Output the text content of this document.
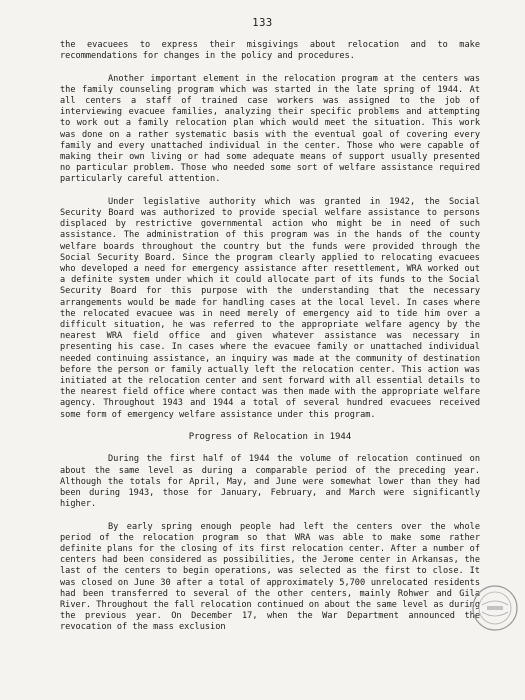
133

the evacuees to express their misgivings about relocation and to make recommendations for changes in the policy and procedures.

Another important element in the relocation program at the centers was the family counseling program which was started in the late spring of 1944. At all centers a staff of trained case workers was assigned to the job of interviewing evacuee families, analyzing their specific problems and attempting to work out a family relocation plan which would meet the situation. This work was done on a rather systematic basis with the eventual goal of covering every family and every unattached individual in the center. Those who were capable of making their own living or had some adequate means of support usually presented no particular problem. Those who needed some sort of welfare assistance required particularly careful attention.

Under legislative authority which was granted in 1942, the Social Security Board was authorized to provide special welfare assistance to persons displaced by restrictive governmental action who might be in need of such assistance. The administration of this program was in the hands of the county welfare boards throughout the country but the funds were provided through the Social Security Board. Since the program clearly applied to relocating evacuees who developed a need for emergency assistance after resettlement, WRA worked out a definite system under which it could allocate part of its funds to the Social Security Board for this purpose with the understanding that the necessary arrangements would be made for handling cases at the local level. In cases where the relocated evacuee was in need merely of emergency aid to tide him over a difficult situation, he was referred to the appropriate welfare agency by the nearest WRA field office and given whatever assistance was necessary in presenting his case. In cases where the evacuee family or unattached individual needed continuing assistance, an inquiry was made at the community of destination before the person or family actually left the relocation center. This action was initiated at the relocation center and sent forward with all essential details to the nearest field office where contact was then made with the appropriate welfare agency. Throughout 1943 and 1944 a total of several hundred evacuees received some form of emergency welfare assistance under this program.

Progress of Relocation in 1944

During the first half of 1944 the volume of relocation continued on about the same level as during a comparable period of the preceding year. Although the totals for April, May, and June were somewhat lower than they had been during 1943, those for January, February, and March were significantly higher.

By early spring enough people had left the centers over the whole period of the relocation program so that WRA was able to make some rather definite plans for the closing of its first relocation center. After a number of centers had been considered as possibilities, the Jerome center in Arkansas, the last of the centers to begin operations, was selected as the first to close. It was closed on June 30 after a total of approximately 5,700 unrelocated residents had been transferred to several of the other centers, mainly Rohwer and Gila River. Throughout the fall relocation continued on about the same level as during the previous year. On December 17, when the War Department announced the revocation of the mass exclusion
